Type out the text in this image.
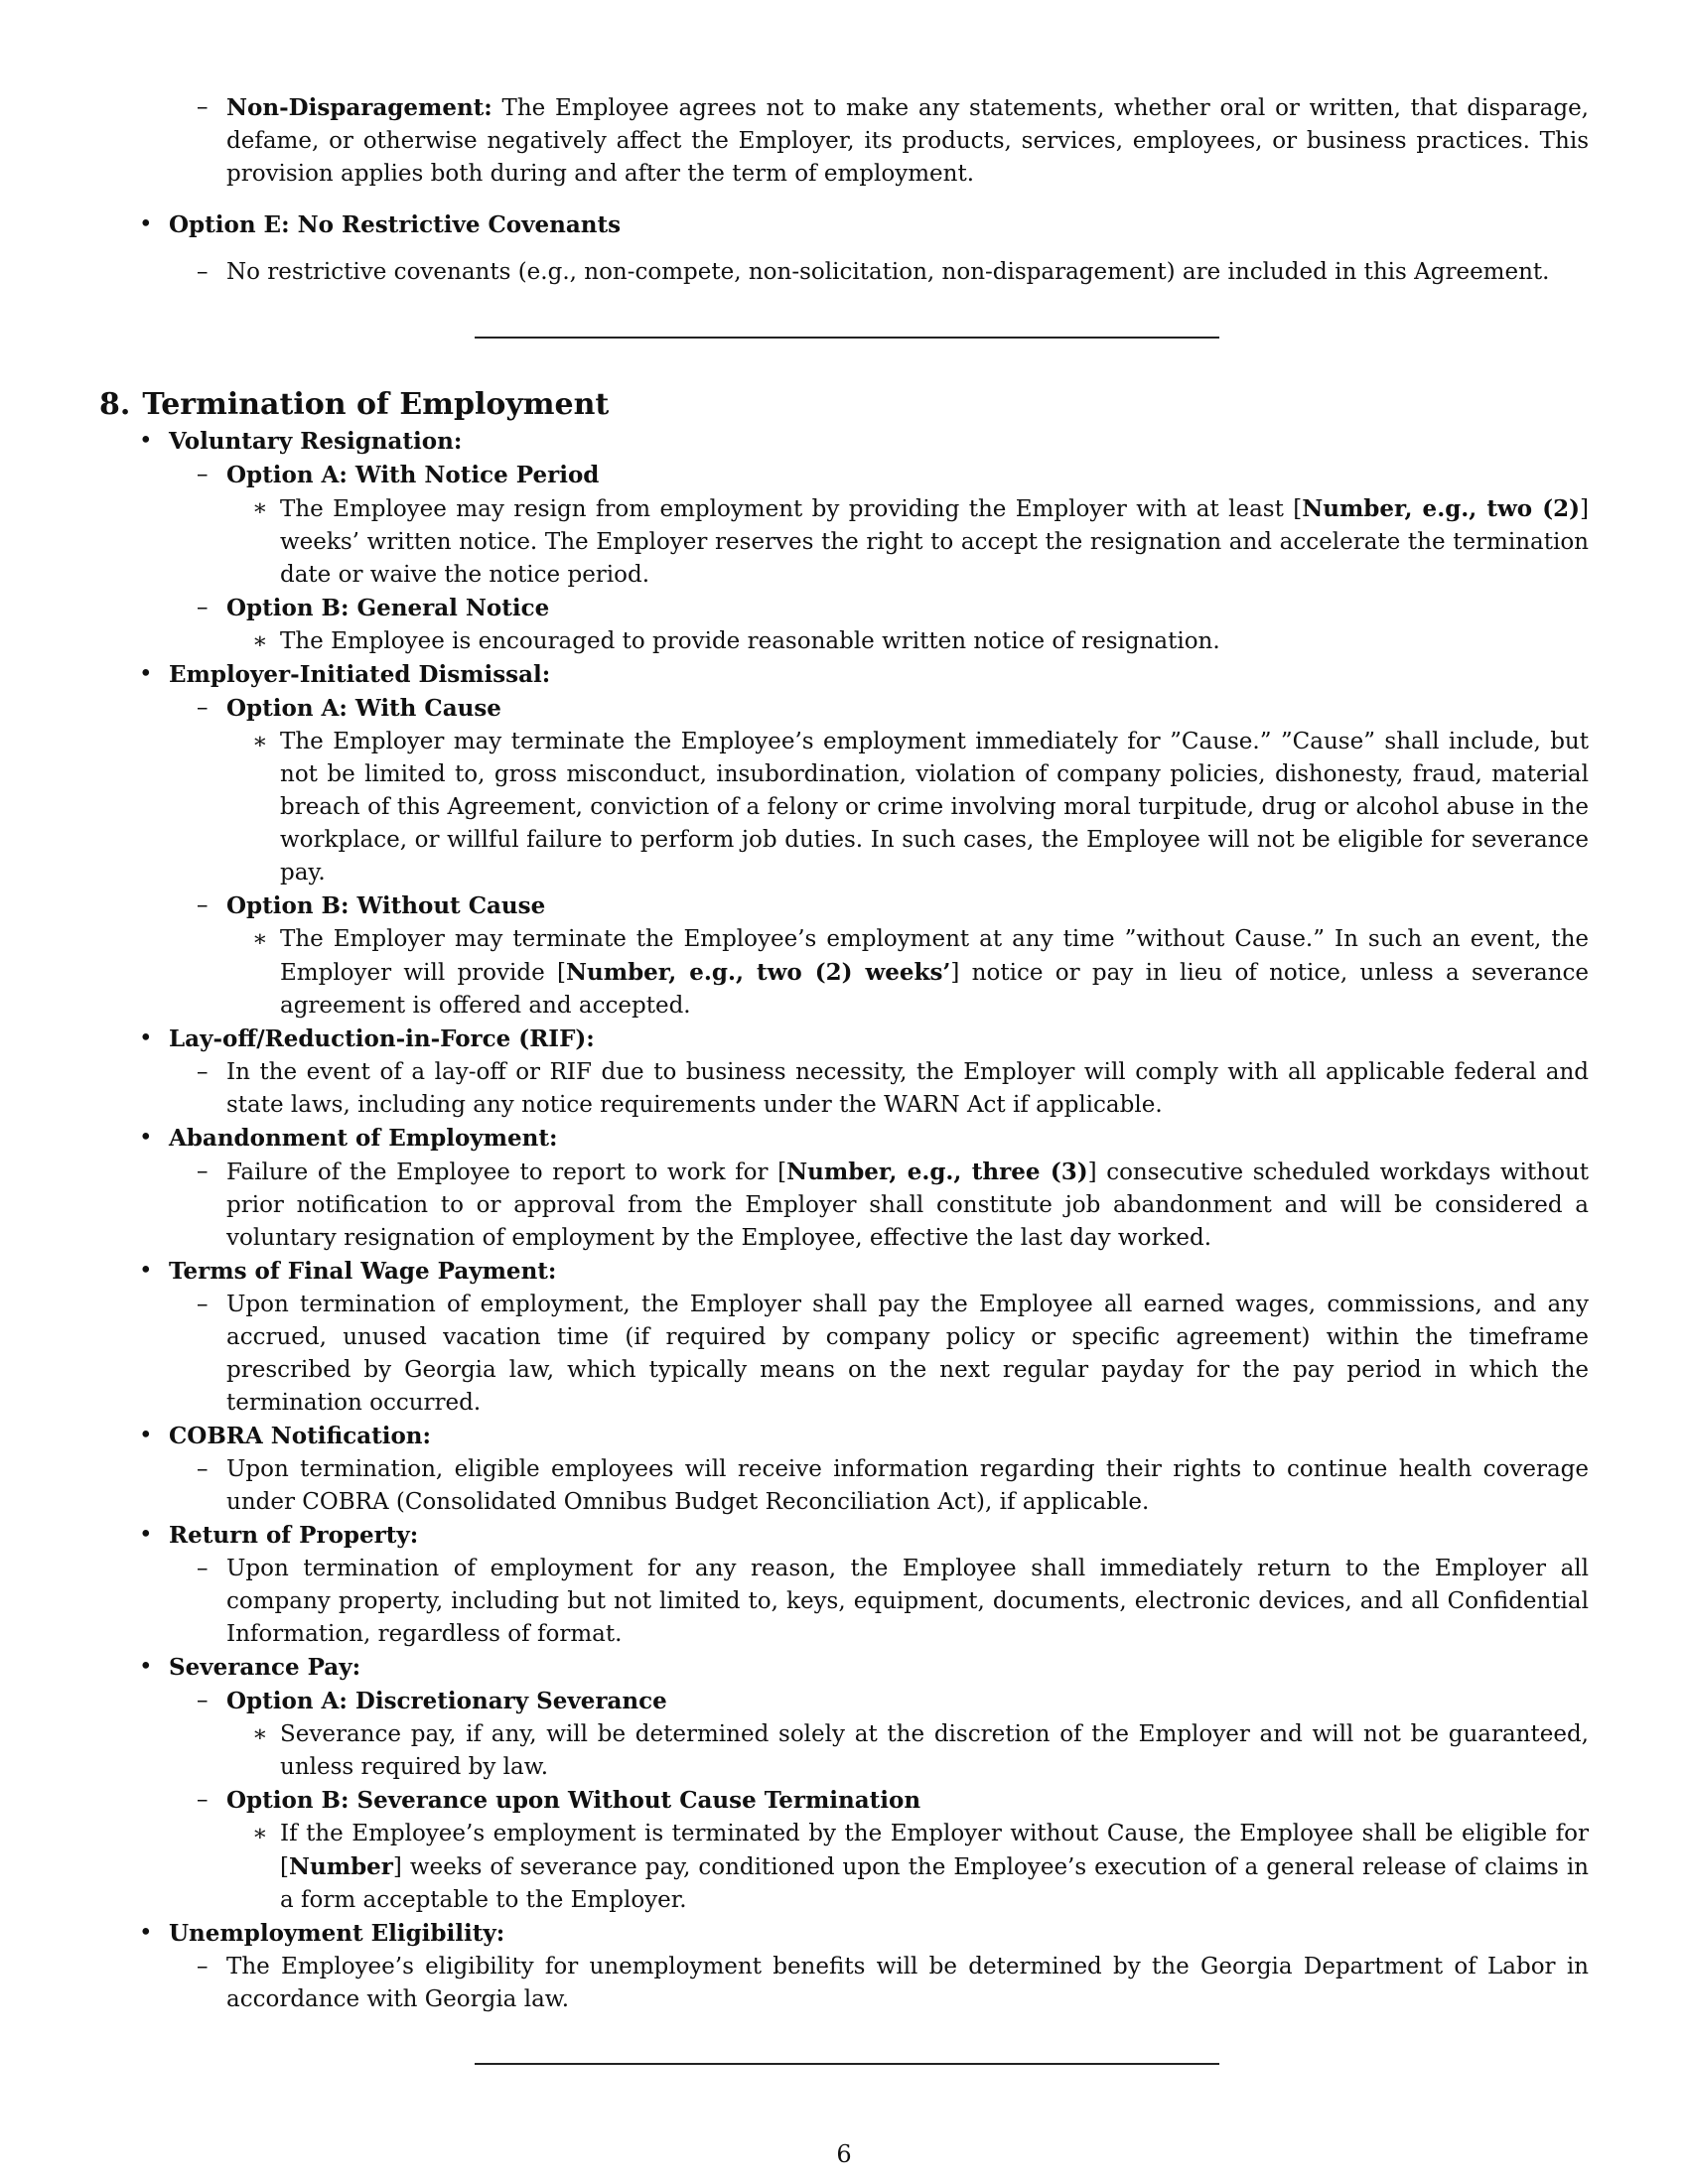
– Non-Disparagement: The Employee agrees not to make any statements, whether oral or written, that disparage, defame, or otherwise negatively affect the Employer, its products, services, employees, or business practices. This provision applies both during and after the term of employment.
• Option E: No Restrictive Covenants
– No restrictive covenants (e.g., non-compete, non-solicitation, non-disparagement) are included in this Agreement.
8. Termination of Employment
• Voluntary Resignation:
– Option A: With Notice Period
∗ The Employee may resign from employment by providing the Employer with at least [Number, e.g., two (2)] weeks’ written notice. The Employer reserves the right to accept the resignation and accelerate the termination date or waive the notice period.
– Option B: General Notice
∗ The Employee is encouraged to provide reasonable written notice of resignation.
• Employer-Initiated Dismissal:
– Option A: With Cause
∗ The Employer may terminate the Employee’s employment immediately for ”Cause.” ”Cause” shall include, but not be limited to, gross misconduct, insubordination, violation of company policies, dishonesty, fraud, material breach of this Agreement, conviction of a felony or crime involving moral turpitude, drug or alcohol abuse in the workplace, or willful failure to perform job duties. In such cases, the Employee will not be eligible for severance pay.
– Option B: Without Cause
∗ The Employer may terminate the Employee’s employment at any time ”without Cause.” In such an event, the Employer will provide [Number, e.g., two (2) weeks’] notice or pay in lieu of notice, unless a severance agreement is offered and accepted.
• Lay-off/Reduction-in-Force (RIF):
– In the event of a lay-off or RIF due to business necessity, the Employer will comply with all applicable federal and state laws, including any notice requirements under the WARN Act if applicable.
• Abandonment of Employment:
– Failure of the Employee to report to work for [Number, e.g., three (3)] consecutive scheduled workdays without prior notification to or approval from the Employer shall constitute job abandonment and will be considered a voluntary resignation of employment by the Employee, effective the last day worked.
• Terms of Final Wage Payment:
– Upon termination of employment, the Employer shall pay the Employee all earned wages, commissions, and any accrued, unused vacation time (if required by company policy or specific agreement) within the timeframe prescribed by Georgia law, which typically means on the next regular payday for the pay period in which the termination occurred.
• COBRA Notification:
– Upon termination, eligible employees will receive information regarding their rights to continue health coverage under COBRA (Consolidated Omnibus Budget Reconciliation Act), if applicable.
• Return of Property:
– Upon termination of employment for any reason, the Employee shall immediately return to the Employer all company property, including but not limited to, keys, equipment, documents, electronic devices, and all Confidential Information, regardless of format.
• Severance Pay:
– Option A: Discretionary Severance
∗ Severance pay, if any, will be determined solely at the discretion of the Employer and will not be guaranteed, unless required by law.
– Option B: Severance upon Without Cause Termination
∗ If the Employee’s employment is terminated by the Employer without Cause, the Employee shall be eligible for [Number] weeks of severance pay, conditioned upon the Employee’s execution of a general release of claims in a form acceptable to the Employer.
• Unemployment Eligibility:
– The Employee’s eligibility for unemployment benefits will be determined by the Georgia Department of Labor in accordance with Georgia law.
6
